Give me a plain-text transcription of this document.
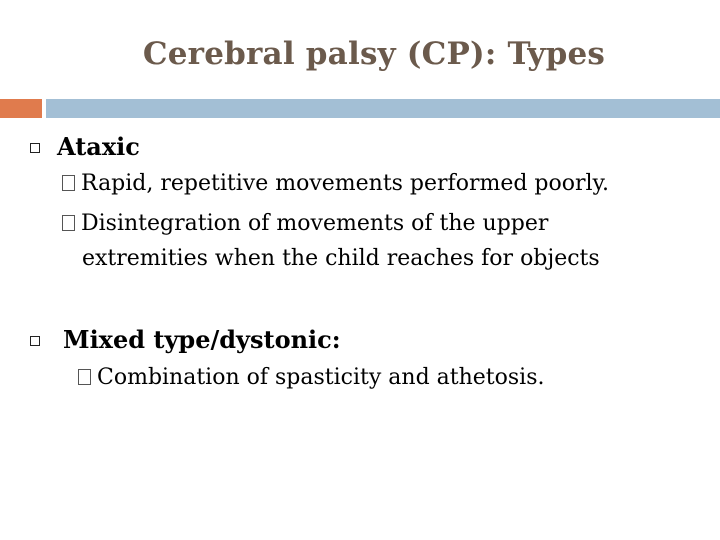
Cerebral palsy (CP): Types
Ataxic
Rapid, repetitive movements performed poorly.
Disintegration of movements of the upper
extremities when the child reaches for objects
Mixed type/dystonic:
Combination of spasticity and athetosis.
